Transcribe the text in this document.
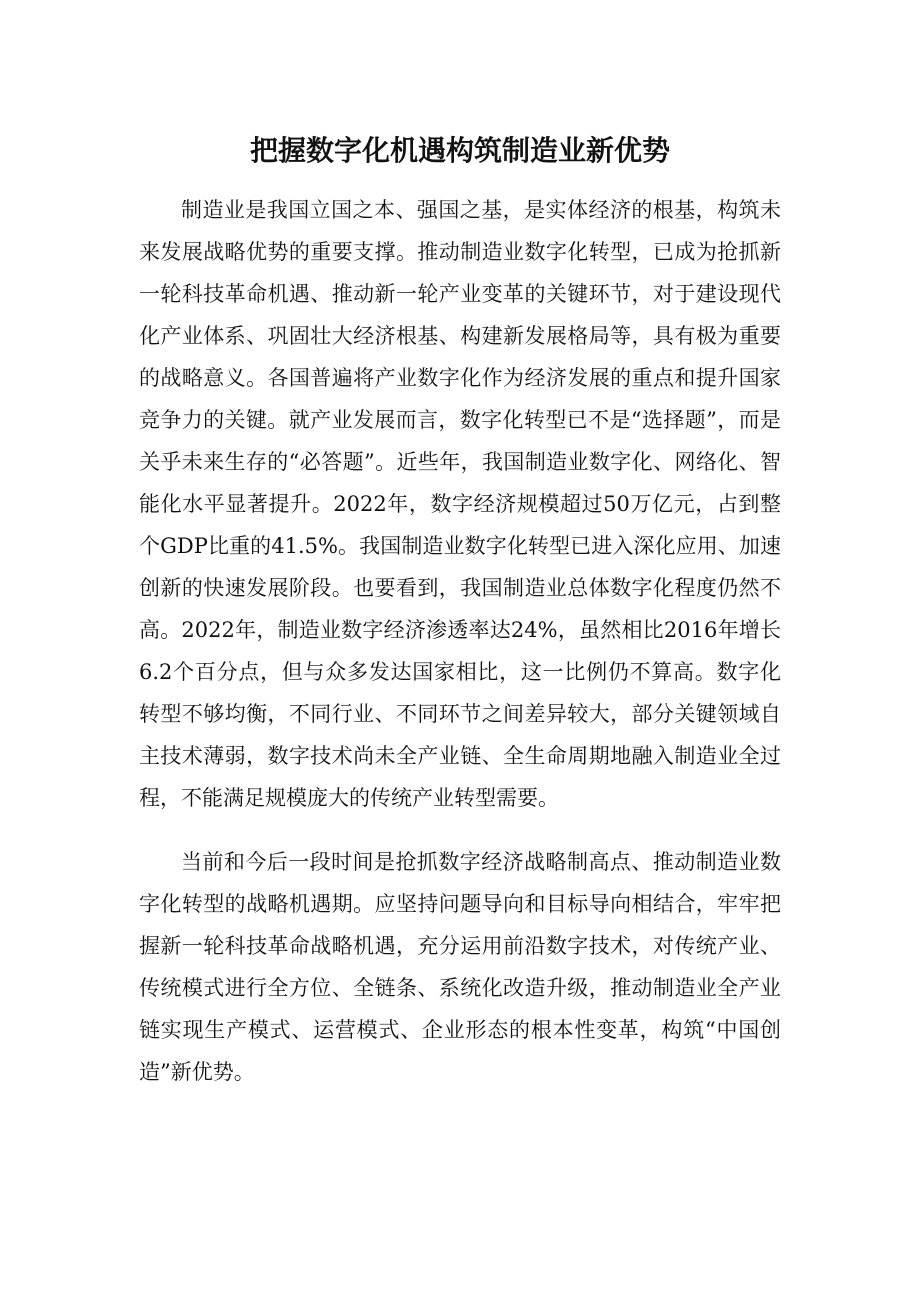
把握数字化机遇构筑制造业新优势

制造业是我国立国之本、强国之基，是实体经济的根基，构筑未来发展战略优势的重要支撑。推动制造业数字化转型，已成为抢抓新一轮科技革命机遇、推动新一轮产业变革的关键环节，对于建设现代化产业体系、巩固壮大经济根基、构建新发展格局等，具有极为重要的战略意义。各国普遍将产业数字化作为经济发展的重点和提升国家竞争力的关键。就产业发展而言，数字化转型已不是“选择题”，而是关乎未来生存的“必答题”。近些年，我国制造业数字化、网络化、智能化水平显著提升。2022年，数字经济规模超过50万亿元，占到整个GDP比重的41.5%。我国制造业数字化转型已进入深化应用、加速创新的快速发展阶段。也要看到，我国制造业总体数字化程度仍然不高。2022年，制造业数字经济渗透率达24%，虽然相比2016年增长6.2个百分点，但与众多发达国家相比，这一比例仍不算高。数字化转型不够均衡，不同行业、不同环节之间差异较大，部分关键领域自主技术薄弱，数字技术尚未全产业链、全生命周期地融入制造业全过程，不能满足规模庞大的传统产业转型需要。

当前和今后一段时间是抢抓数字经济战略制高点、推动制造业数字化转型的战略机遇期。应坚持问题导向和目标导向相结合，牢牢把握新一轮科技革命战略机遇，充分运用前沿数字技术，对传统产业、传统模式进行全方位、全链条、系统化改造升级，推动制造业全产业链实现生产模式、运营模式、企业形态的根本性变革，构筑“中国创造”新优势。
